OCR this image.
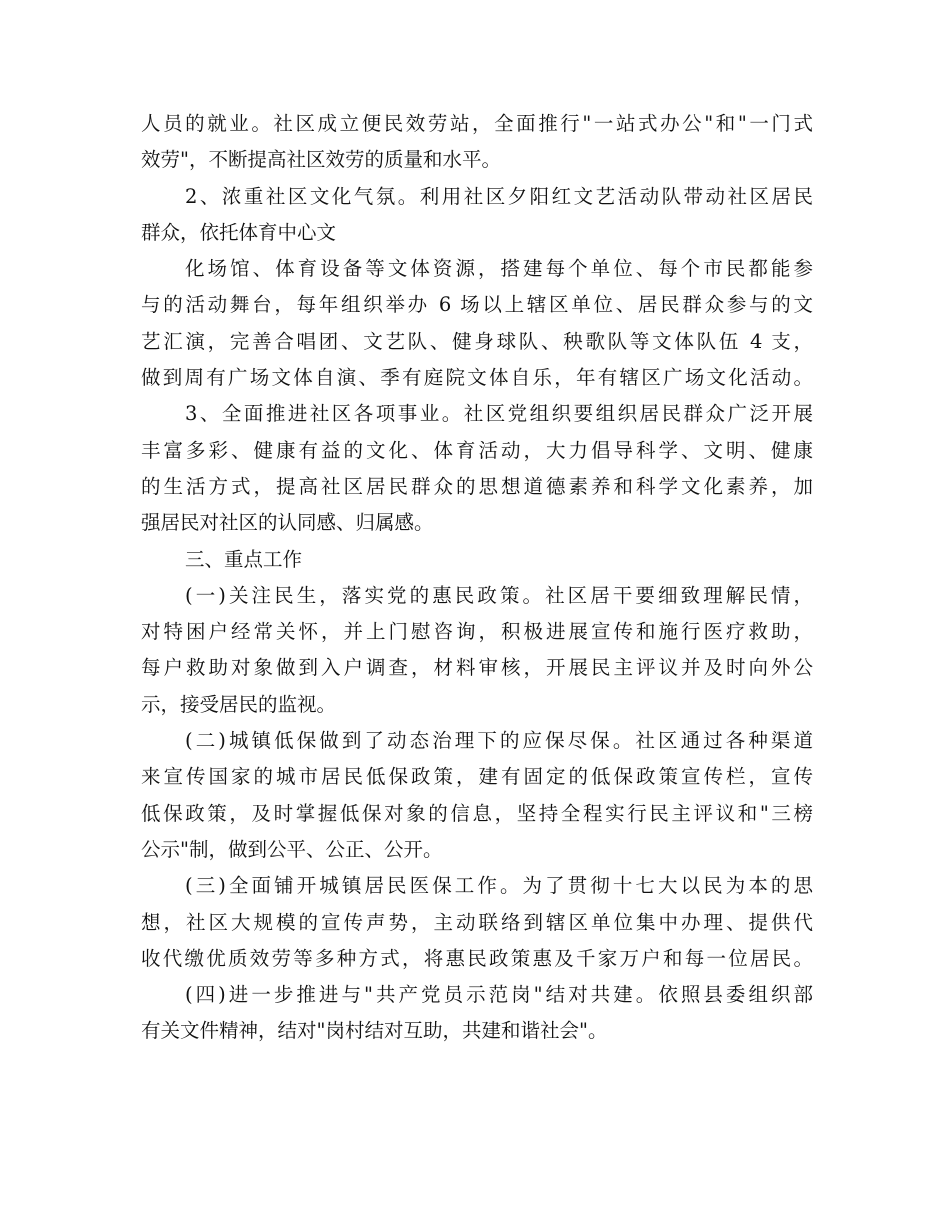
人员的就业。社区成立便民效劳站，全面推行"一站式办公"和"一门式
效劳"，不断提高社区效劳的质量和水平。
2、浓重社区文化气氛。利用社区夕阳红文艺活动队带动社区居民
群众，依托体育中心文
化场馆、体育设备等文体资源，搭建每个单位、每个市民都能参
与的活动舞台，每年组织举办 6 场以上辖区单位、居民群众参与的文
艺汇演，完善合唱团、文艺队、健身球队、秧歌队等文体队伍 4 支，
做到周有广场文体自演、季有庭院文体自乐，年有辖区广场文化活动。
3、全面推进社区各项事业。社区党组织要组织居民群众广泛开展
丰富多彩、健康有益的文化、体育活动，大力倡导科学、文明、健康
的生活方式，提高社区居民群众的思想道德素养和科学文化素养，加
强居民对社区的认同感、归属感。
三、重点工作
(一)关注民生，落实党的惠民政策。社区居干要细致理解民情，
对特困户经常关怀，并上门慰咨询，积极进展宣传和施行医疗救助，
每户救助对象做到入户调查，材料审核，开展民主评议并及时向外公
示，接受居民的监视。
(二)城镇低保做到了动态治理下的应保尽保。社区通过各种渠道
来宣传国家的城市居民低保政策，建有固定的低保政策宣传栏，宣传
低保政策，及时掌握低保对象的信息，坚持全程实行民主评议和"三榜
公示"制，做到公平、公正、公开。
(三)全面铺开城镇居民医保工作。为了贯彻十七大以民为本的思
想，社区大规模的宣传声势，主动联络到辖区单位集中办理、提供代
收代缴优质效劳等多种方式，将惠民政策惠及千家万户和每一位居民。
(四)进一步推进与"共产党员示范岗"结对共建。依照县委组织部
有关文件精神，结对"岗村结对互助，共建和谐社会"。
